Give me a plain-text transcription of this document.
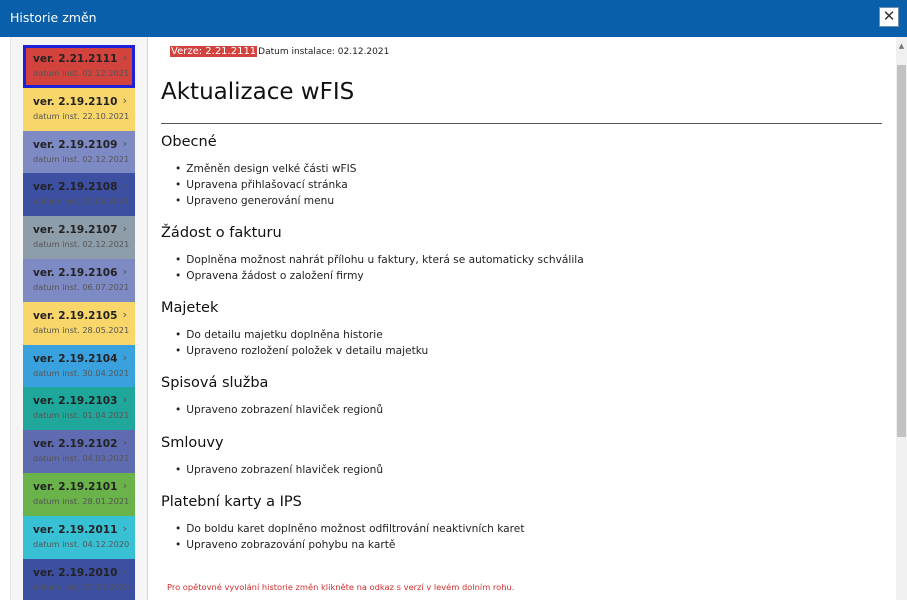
Historie změn	✕
ver. 2.21.2111
datum inst. 02.12.2021
›
ver. 2.19.2110
datum inst. 22.10.2021
›
ver. 2.19.2109
datum inst. 02.12.2021
›
ver. 2.19.2108
datum inst. 15.09.2021
›
ver. 2.19.2107
datum inst. 02.12.2021
›
ver. 2.19.2106
datum inst. 06.07.2021
›
ver. 2.19.2105
datum inst. 28.05.2021
›
ver. 2.19.2104
datum inst. 30.04.2021
›
ver. 2.19.2103
datum inst. 01.04.2021
›
ver. 2.19.2102
datum inst. 04.03.2021
›
ver. 2.19.2101
datum inst. 28.01.2021
›
ver. 2.19.2011
datum inst. 04.12.2020
›
ver. 2.19.2010
datum inst. 27.10.2020
›
Verze: 2.21.2111 Datum instalace: 02.12.2021
Aktualizace wFIS
Obecné
• Změněn design velké části wFIS
• Upravena přihlašovací stránka
• Upraveno generování menu
Žádost o fakturu
• Doplněna možnost nahrát přílohu u faktury, která se automaticky schválila
• Opravena žádost o založení firmy
Majetek
• Do detailu majetku doplněna historie
• Upraveno rozložení položek v detailu majetku
Spisová služba
• Upraveno zobrazení hlaviček regionů
Smlouvy
• Upraveno zobrazení hlaviček regionů
Platební karty a IPS
• Do boldu karet doplněno možnost odfiltrování neaktivních karet
• Upraveno zobrazování pohybu na kartě
Pro opětovné vyvolání historie změn klikněte na odkaz s verzí v levém dolním rohu.
▲
